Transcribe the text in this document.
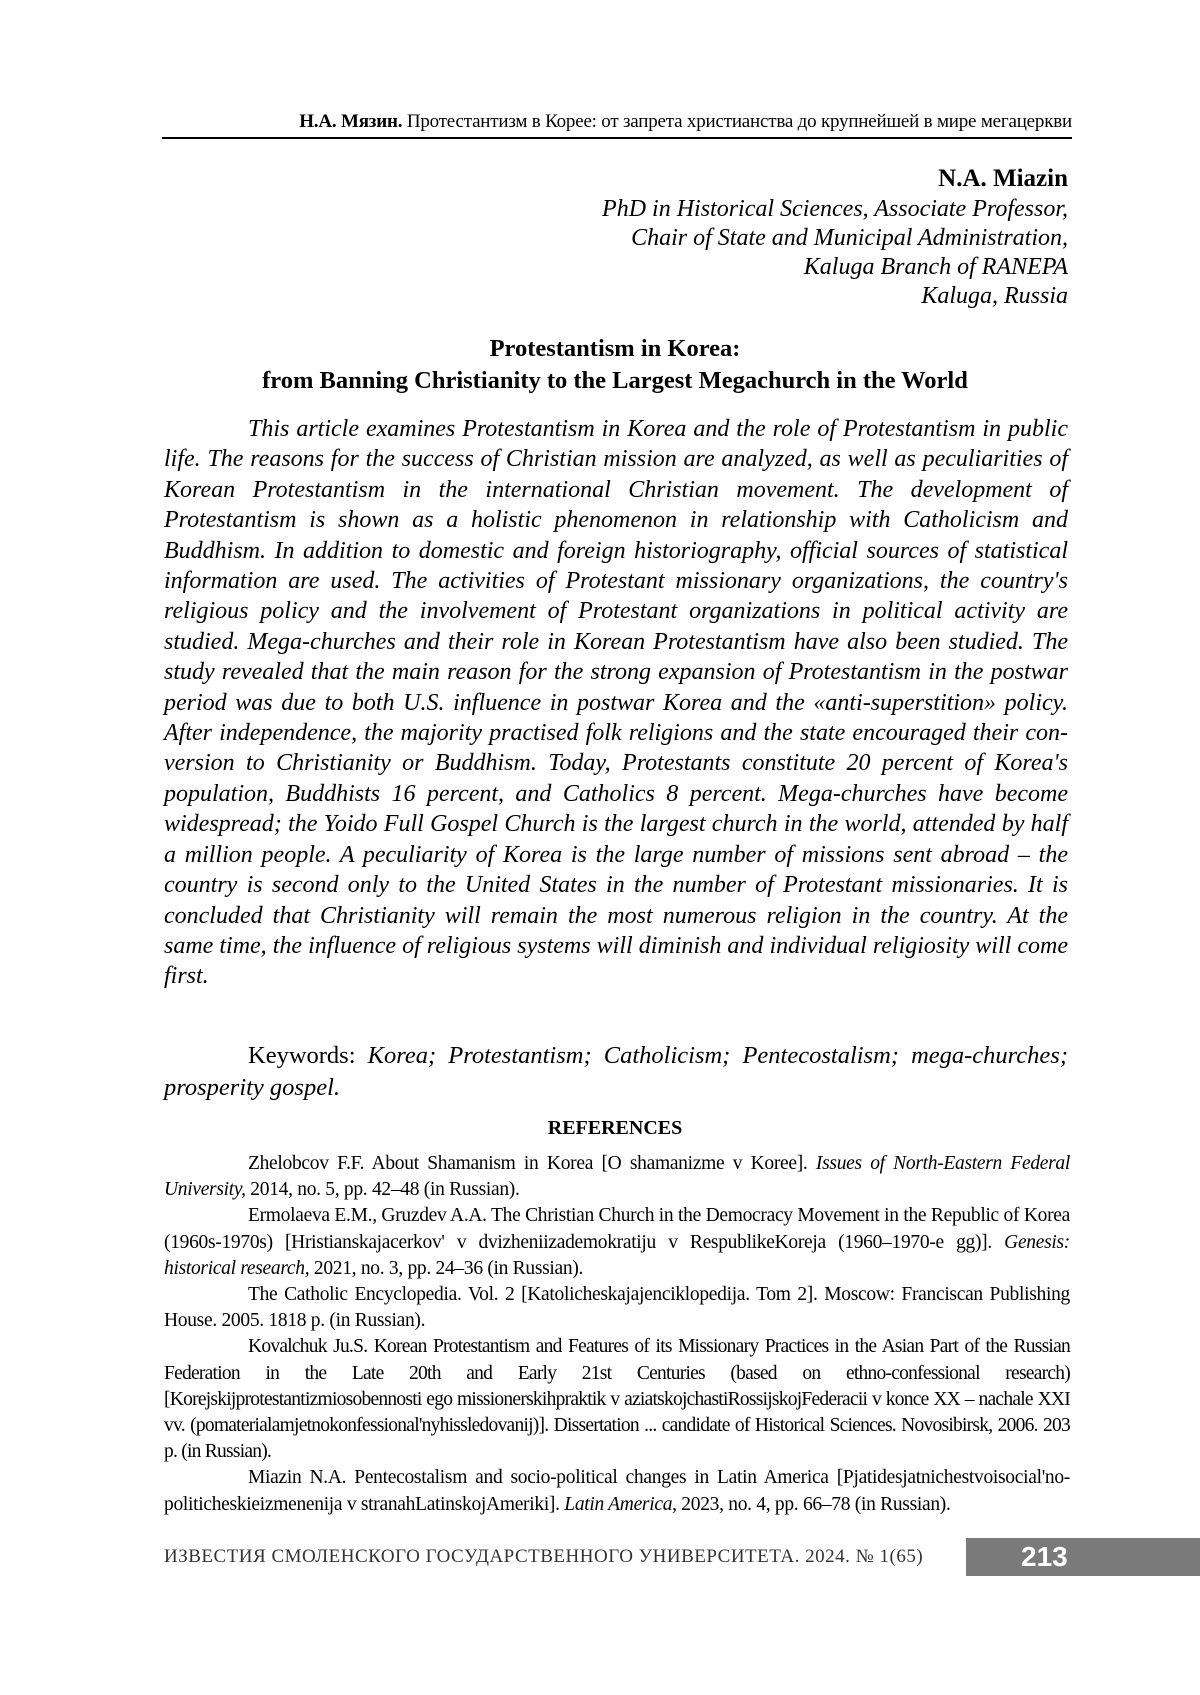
Н.А. Мязин. Протестантизм в Корее: от запрета христианства до крупнейшей в мире мегацеркви
N.A. Miazin
PhD in Historical Sciences, Associate Professor,
Chair of State and Municipal Administration,
Kaluga Branch of RANEPA
Kaluga, Russia
Protestantism in Korea:
from Banning Christianity to the Largest Megachurch in the World

This article examines Protestantism in Korea and the role of Protestantism in public life. The reasons for the success of Christian mission are analyzed, as well as peculiarities of Korean Protestantism in the international Christian movement. The development of Protestantism is shown as a holistic phenomenon in relationship with Catholicism and Buddhism. In addition to domestic and foreign historiography, official sources of statistical information are used. The activities of Protestant missionary organizations, the country's religious policy and the involvement of Protestant organizations in political activity are studied. Mega-churches and their role in Korean Protestantism have also been studied. The study revealed that the main reason for the strong expansion of Protestantism in the postwar period was due to both U.S. influence in postwar Korea and the «anti-superstition» policy. After independence, the majority practised folk religions and the state encouraged their conversion to Christianity or Buddhism. Today, Protestants constitute 20 percent of Korea's population, Buddhists 16 percent, and Catholics 8 percent. Mega-churches have become widespread; the Yoido Full Gospel Church is the largest church in the world, attended by half a million people. A peculiarity of Korea is the large number of missions sent abroad – the country is second only to the United States in the number of Protestant missionaries. It is concluded that Christianity will remain the most numerous religion in the country. At the same time, the influence of religious systems will diminish and individual religiosity will come first.

Keywords: Korea; Protestantism; Catholicism; Pentecostalism; mega-churches; prosperity gospel.

REFERENCES

Zhelobcov F.F. About Shamanism in Korea [O shamanizme v Koree]. Issues of North-Eastern Federal University, 2014, no. 5, pp. 42–48 (in Russian).

Ermolaeva E.M., Gruzdev A.A. The Christian Church in the Democracy Movement in the Republic of Korea (1960s-1970s) [Hristianskajacerkov' v dvizheniizademokratiju v RespublikeKoreja (1960–1970-e gg)]. Genesis: historical research, 2021, no. 3, pp. 24–36 (in Russian).

The Catholic Encyclopedia. Vol. 2 [Katolicheskajajenciklopedija. Tom 2]. Moscow: Franciscan Publishing House. 2005. 1818 p. (in Russian).

Kovalchuk Ju.S. Korean Protestantism and Features of its Missionary Practices in the Asian Part of the Russian Federation in the Late 20th and Early 21st Centuries (based on ethno-confessional research) [Korejskijprotestantizmiosobennosti ego missionerskihpraktik v aziatskojchastiRossijskojFederacii v konce XX – nachale XXI vv. (pomaterialamjetnokonfessional'nyhissledovanij)]. Dissertation ... candidate of Historical Sciences. Novosibirsk, 2006. 203 p. (in Russian).

Miazin N.A. Pentecostalism and socio-political changes in Latin America [Pjatidesjatnichestvoisocial'no-politicheskieizmenenija v stranahLatinskojAmeriki]. Latin America, 2023, no. 4, pp. 66–78 (in Russian).

ИЗВЕСТИЯ СМОЛЕНСКОГО ГОСУДАРСТВЕННОГО УНИВЕРСИТЕТА. 2024. № 1(65)	213
